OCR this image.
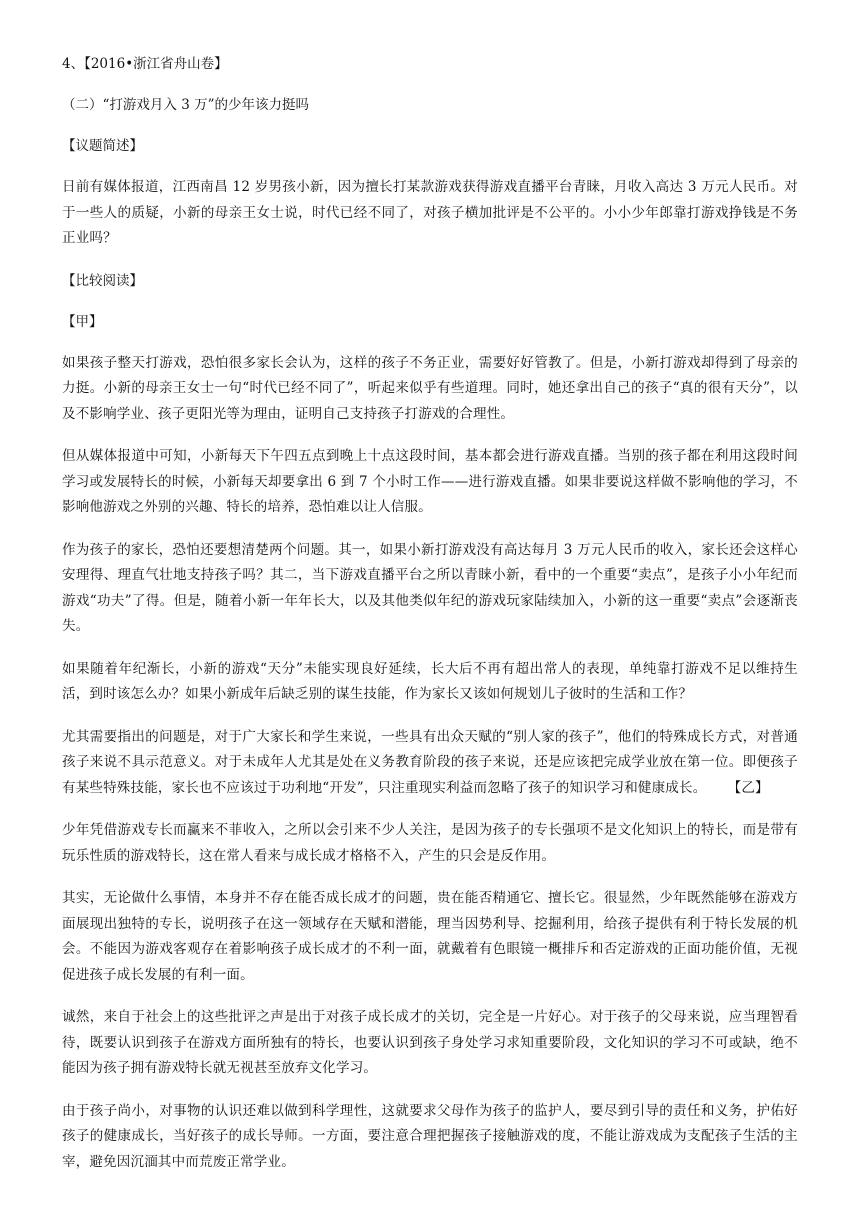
4、【2016•浙江省舟山卷】

（二）“打游戏月入 3 万”的少年该力挺吗

【议题简述】

日前有媒体报道，江西南昌 12 岁男孩小新，因为擅长打某款游戏获得游戏直播平台青睐，月收入高达 3 万元人民币。对于一些人的质疑，小新的母亲王女士说，时代已经不同了，对孩子横加批评是不公平的。小小少年郎靠打游戏挣钱是不务正业吗？

【比较阅读】

【甲】

如果孩子整天打游戏，恐怕很多家长会认为，这样的孩子不务正业，需要好好管教了。但是，小新打游戏却得到了母亲的力挺。小新的母亲王女士一句“时代已经不同了”，听起来似乎有些道理。同时，她还拿出自己的孩子“真的很有天分”，以及不影响学业、孩子更阳光等为理由，证明自己支持孩子打游戏的合理性。

但从媒体报道中可知，小新每天下午四五点到晚上十点这段时间，基本都会进行游戏直播。当别的孩子都在利用这段时间学习或发展特长的时候，小新每天却要拿出 6 到 7 个小时工作——进行游戏直播。如果非要说这样做不影响他的学习，不影响他游戏之外别的兴趣、特长的培养，恐怕难以让人信服。

作为孩子的家长，恐怕还要想清楚两个问题。其一，如果小新打游戏没有高达每月 3 万元人民币的收入，家长还会这样心安理得、理直气壮地支持孩子吗？其二，当下游戏直播平台之所以青睐小新，看中的一个重要“卖点”，是孩子小小年纪而游戏“功夫”了得。但是，随着小新一年年长大，以及其他类似年纪的游戏玩家陆续加入，小新的这一重要“卖点”会逐渐丧失。

如果随着年纪渐长，小新的游戏“天分”未能实现良好延续，长大后不再有超出常人的表现，单纯靠打游戏不足以维持生活，到时该怎么办？如果小新成年后缺乏别的谋生技能，作为家长又该如何规划儿子彼时的生活和工作？

尤其需要指出的问题是，对于广大家长和学生来说，一些具有出众天赋的“别人家的孩子”，他们的特殊成长方式，对普通孩子来说不具示范意义。对于未成年人尤其是处在义务教育阶段的孩子来说，还是应该把完成学业放在第一位。即便孩子有某些特殊技能，家长也不应该过于功利地“开发”，只注重现实利益而忽略了孩子的知识学习和健康成长。 【乙】

少年凭借游戏专长而赢来不菲收入，之所以会引来不少人关注，是因为孩子的专长强项不是文化知识上的特长，而是带有玩乐性质的游戏特长，这在常人看来与成长成才格格不入，产生的只会是反作用。

其实，无论做什么事情，本身并不存在能否成长成才的问题，贵在能否精通它、擅长它。很显然，少年既然能够在游戏方面展现出独特的专长，说明孩子在这一领域存在天赋和潜能，理当因势利导、挖掘利用，给孩子提供有利于特长发展的机会。不能因为游戏客观存在着影响孩子成长成才的不利一面，就戴着有色眼镜一概排斥和否定游戏的正面功能价值，无视促进孩子成长发展的有利一面。

诚然，来自于社会上的这些批评之声是出于对孩子成长成才的关切，完全是一片好心。对于孩子的父母来说，应当理智看待，既要认识到孩子在游戏方面所独有的特长，也要认识到孩子身处学习求知重要阶段，文化知识的学习不可或缺，绝不能因为孩子拥有游戏特长就无视甚至放弃文化学习。

由于孩子尚小，对事物的认识还难以做到科学理性，这就要求父母作为孩子的监护人，要尽到引导的责任和义务，护佑好孩子的健康成长，当好孩子的成长导师。一方面，要注意合理把握孩子接触游戏的度，不能让游戏成为支配孩子生活的主宰，避免因沉湎其中而荒废正常学业。
